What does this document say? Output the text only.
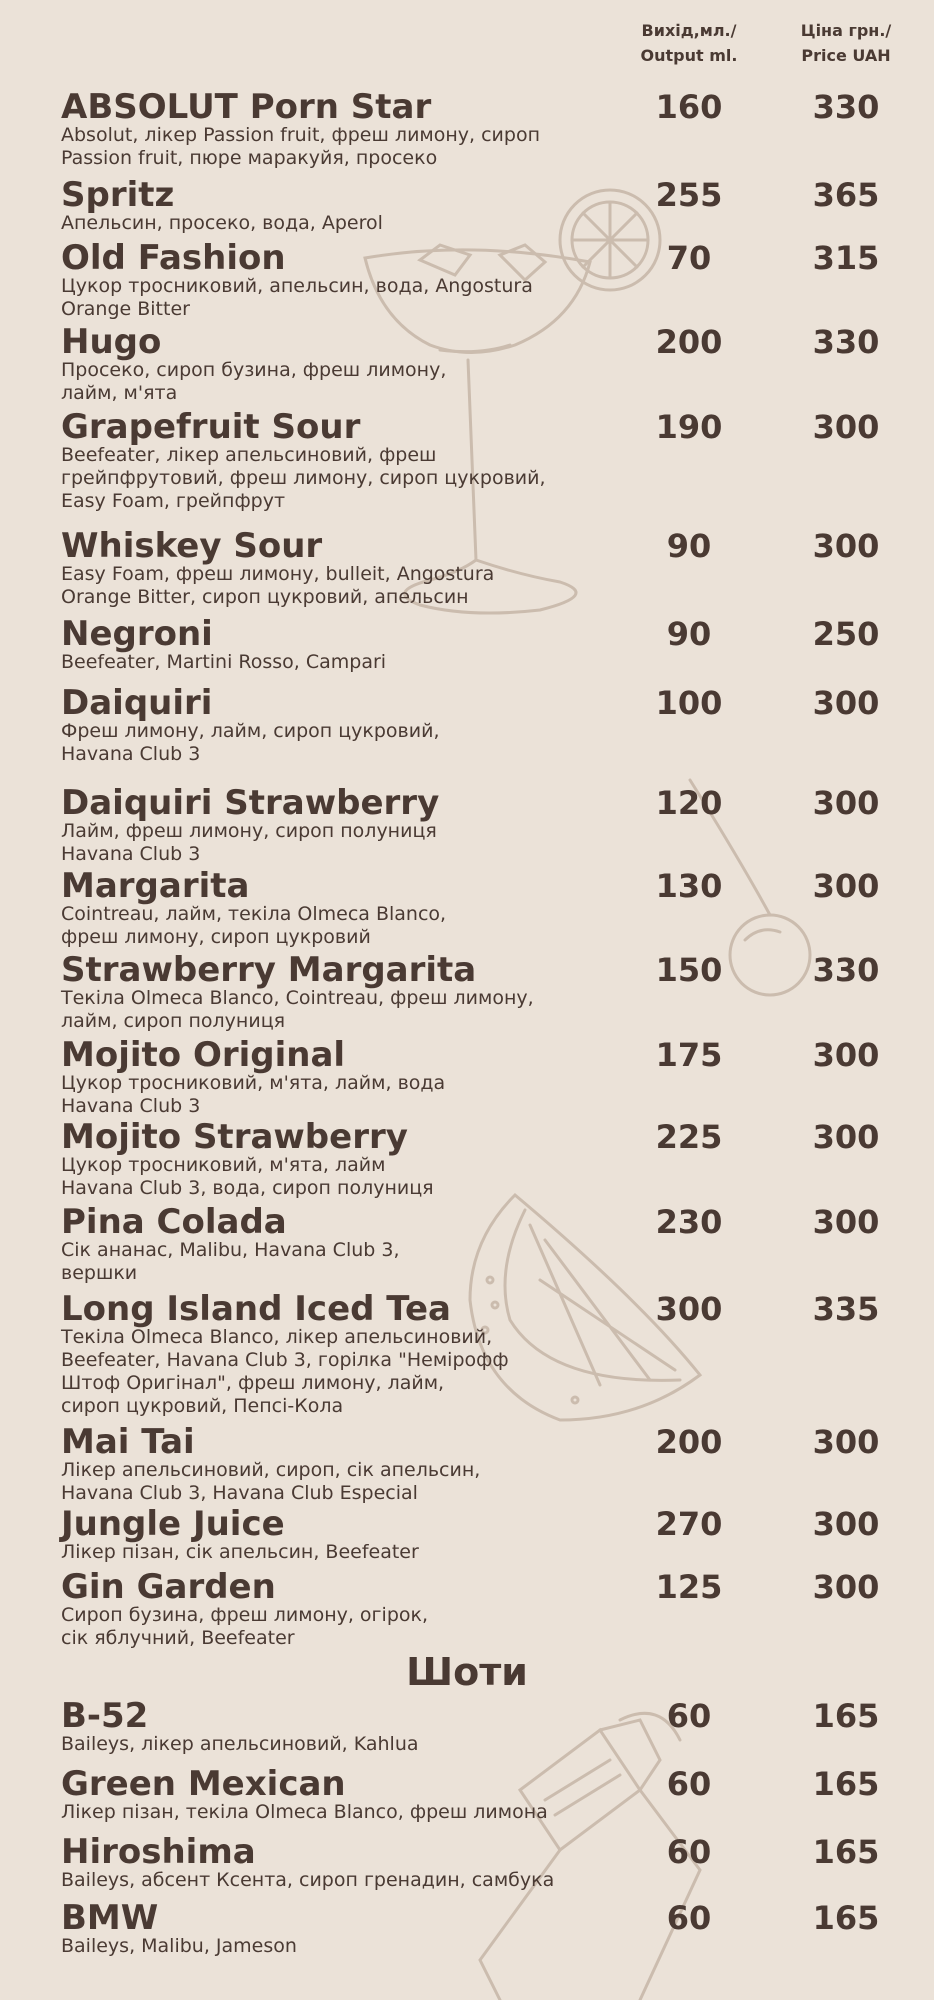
Вихід,мл./
Output ml.
Ціна грн./
Price UAH
ABSOLUT Porn Star
Absolut, лікер Passion fruit, фреш лимону, сироп
Passion fruit, пюре маракуйя, просеко
160	330
Spritz
Апельсин, просеко, вода, Aperol
255	365
Old Fashion
Цукор тросниковий, апельсин, вода, Angostura
Orange Bitter
70	315
Hugo
Просеко, сироп бузина, фреш лимону,
лайм, м'ята
200	330
Grapefruit Sour
Beefeater, лікер апельсиновий, фреш
грейпфрутовий, фреш лимону, сироп цукровий,
Easy Foam, грейпфрут
190	300
Whiskey Sour
Easy Foam, фреш лимону, bulleit, Angostura
Orange Bitter, сироп цукровий, апельсин
90	300
Negroni
Beefeater, Martini Rosso, Campari
90	250
Daiquiri
Фреш лимону, лайм, сироп цукровий,
Havana Club 3
100	300
Daiquiri Strawberry
Лайм, фреш лимону, сироп полуниця
Havana Club 3
120	300
Margarita
Cointreau, лайм, текіла Olmeca Blanco,
фреш лимону, сироп цукровий
130	300
Strawberry Margarita
Текіла Olmeca Blanco, Cointreau, фреш лимону,
лайм, сироп полуниця
150	330
Mojito Original
Цукор тросниковий, м'ята, лайм, вода
Havana Club 3
175	300
Mojito Strawberry
Цукор тросниковий, м'ята, лайм
Havana Club 3, вода, сироп полуниця
225	300
Pina Colada
Сік ананас, Malibu, Havana Club 3,
вершки
230	300
Long Island Iced Tea
Текіла Olmeca Blanco, лікер апельсиновий,
Beefeater, Havana Club 3, горілка "Немірофф
Штоф Оригінал", фреш лимону, лайм,
сироп цукровий, Пепсі-Кола
300	335
Mai Tai
Лікер апельсиновий, сироп, сік апельсин,
Havana Club 3, Havana Club Especial
200	300
Jungle Juice
Лікер пізан, сік апельсин, Beefeater
270	300
Gin Garden
Сироп бузина, фреш лимону, огірок,
сік яблучний, Beefeater
125	300
Шоти
B-52
Baileys, лікер апельсиновий, Kahlua
60	165
Green Mexican
Лікер пізан, текіла Olmeca Blanco, фреш лимона
60	165
Hiroshima
Baileys, абсент Ксента, сироп гренадин, самбука
60	165
BMW
Baileys, Malibu, Jameson
60	165
